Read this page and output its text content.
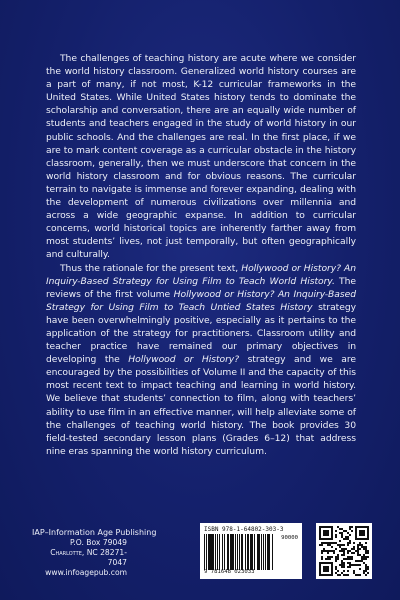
The challenges of teaching history are acute where we consider the world history classroom. Generalized world history courses are a part of many, if not most, K-12 curricular frameworks in the United States. While United States history tends to dominate the scholarship and conversation, there are an equally wide number of students and teachers engaged in the study of world history in our public schools. And the challenges are real. In the first place, if we are to mark content coverage as a curricular obstacle in the history classroom, generally, then we must underscore that concern in the world history classroom and for obvious reasons. The curricular terrain to navigate is immense and forever expanding, dealing with the development of numerous civilizations over millennia and across a wide geographic expanse. In addition to curricular concerns, world historical topics are inherently farther away from most students’ lives, not just temporally, but often geographically and culturally.

Thus the rationale for the present text, Hollywood or History? An Inquiry-Based Strategy for Using Film to Teach World History. The reviews of the first volume Hollywood or History? An Inquiry-Based Strategy for Using Film to Teach Untied States History strategy have been overwhelmingly positive, especially as it pertains to the application of the strategy for practitioners. Classroom utility and teacher practice have remained our primary objectives in developing the Hollywood or History? strategy and we are encouraged by the possibilities of Volume II and the capacity of this most recent text to impact teaching and learning in world history. We believe that students’ connection to film, along with teachers’ ability to use film in an effective manner, will help alleviate some of the challenges of teaching world history. The book provides 30 field-tested secondary lesson plans (Grades 6–12) that address nine eras spanning the world history curriculum.

IAP–Information Age Publishing
P.O. Box 79049
Charlotte, NC 28271-7047
www.infoagepub.com
ISBN 978-1-64802-303-3
90000
9 781648 023033
